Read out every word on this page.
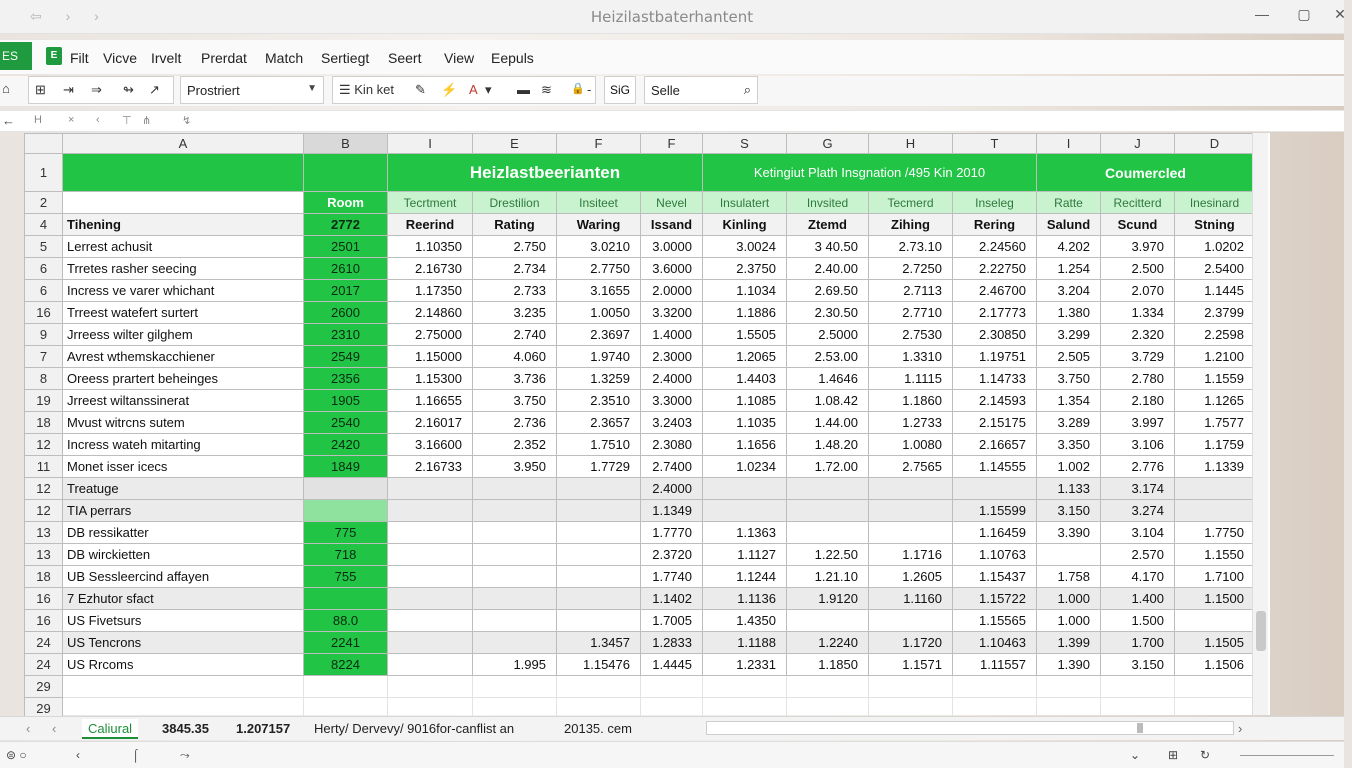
⇦ › ›	Heizilastbaterhantent	—	▢	✕
ES	E Filt Vicve Irvelt Prerdat Match Sertiegt Seert View Eepuls
⌂ ⊞ ⇥ ⇒ ↬ ↗	Prostriert	▼ ☰ Kin ket ✎ ⚡ A ▾ ▬ ≋ 🔒 -	SiG	Selle	⌕
← H × ‹ ⊤ ⋔	↯
	A	B	I	E	F	F	S	G	H	T	I	J	D
1			Heizlastbeerianten				Ketingiut Plath Insgnation /495 Kin 2010				Coumercled		
2		Room	Tecrtment	Drestilion	Insiteet	Nevel	Insulatert	Invsited	Tecmerd	Inseleg	Ratte	Recitterd	Inesinard
4	Tihening	2772	Reerind	Rating	Waring	Issand	Kinling	Ztemd	Zihing	Rering	Salund	Scund	Stning
5	Lerrest achusit	2501	1.10350	2.750	3.0210	3.0000	3.0024	3 40.50	2.73.10	2.24560	4.202	3.970	1.0202
6	Trretes rasher seecing	2610	2.16730	2.734	2.7750	3.6000	2.3750	2.40.00	2.7250	2.22750	1.254	2.500	2.5400
6	Incress ve varer whichant	2017	1.17350	2.733	3.1655	2.0000	1.1034	2.69.50	2.7113	2.46700	3.204	2.070	1.1445
16	Trreest watefert surtert	2600	2.14860	3.235	1.0050	3.3200	1.1886	2.30.50	2.7710	2.17773	1.380	1.334	2.3799
9	Jrreess wilter gilghem	2310	2.75000	2.740	2.3697	1.4000	1.5505	2.5000	2.7530	2.30850	3.299	2.320	2.2598
7	Avrest wthemskacchiener	2549	1.15000	4.060	1.9740	2.3000	1.2065	2.53.00	1.3310	1.19751	2.505	3.729	1.2100
8	Oreess prartert beheinges	2356	1.15300	3.736	1.3259	2.4000	1.4403	1.4646	1.1115	1.14733	3.750	2.780	1.1559
19	Jrreest wiltanssinerat	1905	1.16655	3.750	2.3510	3.3000	1.1085	1.08.42	1.1860	2.14593	1.354	2.180	1.1265
18	Mvust witrcns sutem	2540	2.16017	2.736	2.3657	3.2403	1.1035	1.44.00	1.2733	2.15175	3.289	3.997	1.7577
12	Incress wateh mitarting	2420	3.16600	2.352	1.7510	2.3080	1.1656	1.48.20	1.0080	2.16657	3.350	3.106	1.1759
11	Monet isser icecs	1849	2.16733	3.950	1.7729	2.7400	1.0234	1.72.00	2.7565	1.14555	1.002	2.776	1.1339
12	Treatuge					2.4000					1.133	3.174	
12	TIA perrars					1.1349				1.15599	3.150	3.274	
13	DB ressikatter	775				1.7770	1.1363			1.16459	3.390	3.104	1.7750
13	DB wirckietten	718				2.3720	1.1127	1.22.50	1.1716	1.10763		2.570	1.1550
18	UB Sessleercind affayen	755				1.7740	1.1244	1.21.10	1.2605	1.15437	1.758	4.170	1.7100
16	7 Ezhutor sfact					1.1402	1.1136	1.9120	1.1160	1.15722	1.000	1.400	1.1500
16	US Fivetsurs	88.0				1.7005	1.4350			1.15565	1.000	1.500	
24	US Tencrons	2241			1.3457	1.2833	1.1188	1.2240	1.1720	1.10463	1.399	1.700	1.1505
24	US Rrcoms	8224		1.995	1.15476	1.4445	1.2331	1.1850	1.1571	1.11557	1.390	3.150	1.1506
29													
29													
‹	‹	Caliural	3845.35	1.207157	Herty/ Dervevy/ 9016for-canflist an	20135. cem	›
⊜ ○	‹	⌠	⤳	⌄ ⊞ ↻
